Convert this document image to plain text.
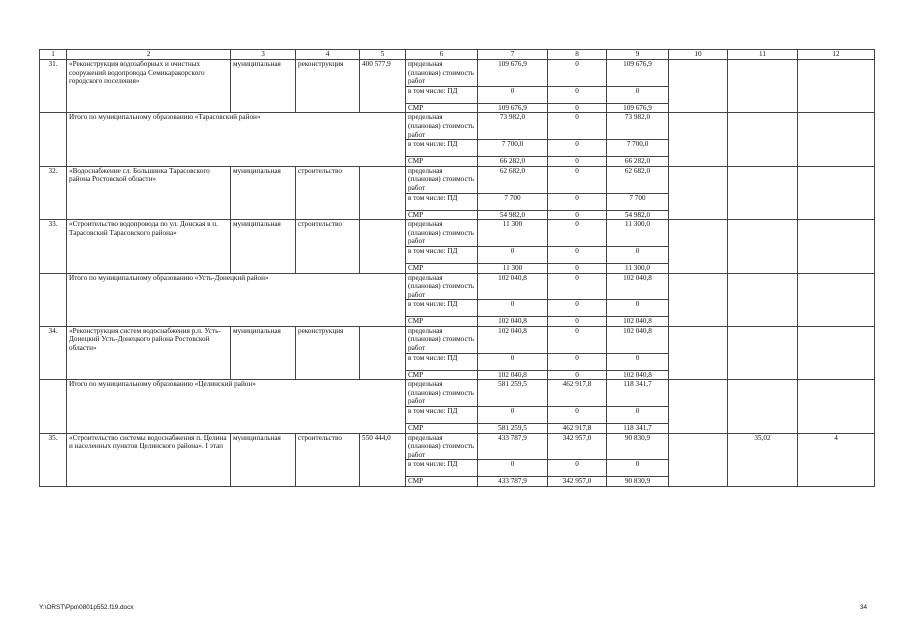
1	2	3	4	5	6	7	8	9	10	11	12
31.	«Реконструкция водозаборных и очистных сооружений водопровода Семикаракорского городского поселения»	муниципальная	реконструкция	400 577,9	предельная (плановая) стоимость работ	109 676,9	0	109 676,9			
					в том числе: ПД	0	0	0			
					СМР	109 676,9	0	109 676,9			
	Итого по муниципальному образованию «Тарасовский район»				предельная (плановая) стоимость работ	73 982,0	0	73 982,0			
					в том числе: ПД	7 700,0	0	7 700,0			
					СМР	66 282,0	0	66 282,0			
32.	«Водоснабжение сл. Большинка Тарасовского района Ростовской области»	муниципальная	строительство		предельная (плановая) стоимость работ	62 682,0	0	62 682,0			
					в том числе: ПД	7 700	0	7 700			
					СМР	54 982,0	0	54 982,0			
33.	«Строительство водопровода по ул. Донская в п. Тарасовский Тарасовского района»	муниципальная	строительство		предельная (плановая) стоимость работ	11 300	0	11 300,0			
					в том числе: ПД	0	0	0			
					СМР	11 300	0	11 300,0			
	Итого по муниципальному образованию «Усть-Донецкий район»				предельная (плановая) стоимость работ	102 040,8	0	102 040,8			
					в том числе: ПД	0	0	0			
					СМР	102 040,8	0	102 040,8			
34.	«Реконструкция систем водоснабжения р.п. Усть-Донецкий Усть-Донецкого района Ростовской области»	муниципальная	реконструкция		предельная (плановая) стоимость работ	102 040,8	0	102 040,8			
					в том числе: ПД	0	0	0			
					СМР	102 040,8	0	102 040,8			
	Итого по муниципальному образованию «Целинский район»				предельная (плановая) стоимость работ	581 259,5	462 917,8	118 341,7			
					в том числе: ПД	0	0	0			
					СМР	581 259,5	462 917,8	118 341,7			
35.	«Строительство системы водоснабжения п. Целина и населенных пунктов Целинского района». I этап	муниципальная	строительство	550 444,0	предельная (плановая) стоимость работ	433 787,9	342 957,0	90 830,9		35,02	4
					в том числе: ПД	0	0	0			
					СМР	433 787,9	342 957,0	90 830,9			
Y:\ORST\Ppo\0801p552.f19.docx	34
